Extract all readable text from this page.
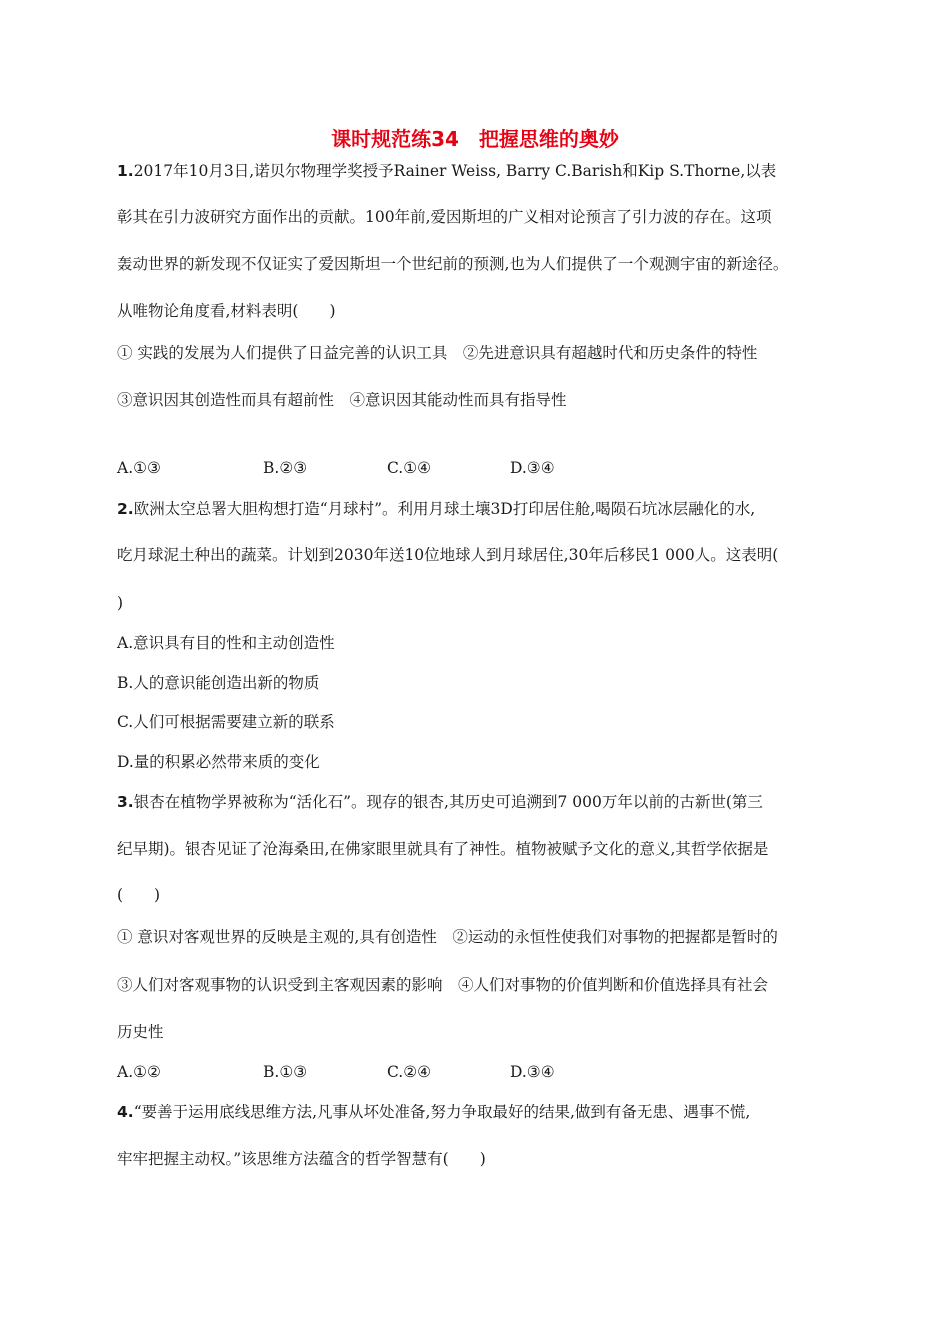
课时规范练34　把握思维的奥妙
1.2017年10月3日,诺贝尔物理学奖授予Rainer Weiss, Barry C.Barish和Kip S.Thorne,以表
彰其在引力波研究方面作出的贡献。100年前,爱因斯坦的广义相对论预言了引力波的存在。这项
轰动世界的新发现不仅证实了爱因斯坦一个世纪前的预测,也为人们提供了一个观测宇宙的新途径。
从唯物论角度看,材料表明(　　)
① 实践的发展为人们提供了日益完善的认识工具　②先进意识具有超越时代和历史条件的特性
③意识因其创造性而具有超前性　④意识因其能动性而具有指导性
A.①③	B.②③	C.①④	D.③④
2.欧洲太空总署大胆构想打造“月球村”。利用月球土壤3D打印居住舱,喝陨石坑冰层融化的水,
吃月球泥土种出的蔬菜。计划到2030年送10位地球人到月球居住,30年后移民1 000人。这表明(
)
A.意识具有目的性和主动创造性
B.人的意识能创造出新的物质
C.人们可根据需要建立新的联系
D.量的积累必然带来质的变化
3.银杏在植物学界被称为“活化石”。现存的银杏,其历史可追溯到7 000万年以前的古新世(第三
纪早期)。银杏见证了沧海桑田,在佛家眼里就具有了神性。植物被赋予文化的意义,其哲学依据是
(　　)
① 意识对客观世界的反映是主观的,具有创造性　②运动的永恒性使我们对事物的把握都是暂时的
③人们对客观事物的认识受到主客观因素的影响　④人们对事物的价值判断和价值选择具有社会
历史性
A.①②	B.①③	C.②④	D.③④
4.“要善于运用底线思维方法,凡事从坏处准备,努力争取最好的结果,做到有备无患、遇事不慌,
牢牢把握主动权。”该思维方法蕴含的哲学智慧有(　　)
